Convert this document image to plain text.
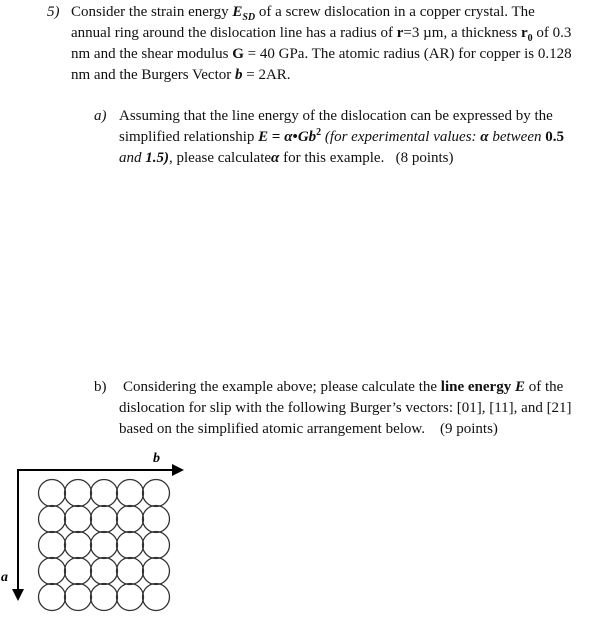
5) Consider the strain energy $E_{SD}$ of a screw dislocation in a copper crystal. The
annual ring around the dislocation line has a radius of r=3 µm, a thickness $r_0$ of 0.3
nm and the shear modulus G = 40 GPa. The atomic radius (AR) for copper is 0.128
nm and the Burgers Vector b = 2AR.
a) Assuming that the line energy of the dislocation can be expressed by the
simplified relationship $E = \alpha•Gb^2$ (for experimental values: α between 0.5
and 1.5), please calculateα for this example. (8 points)
b) Considering the example above; please calculate the line energy E of the
dislocation for slip with the following Burger’s vectors: [01], [11], and [21]
based on the simplified atomic arrangement below. (9 points)
b
a
